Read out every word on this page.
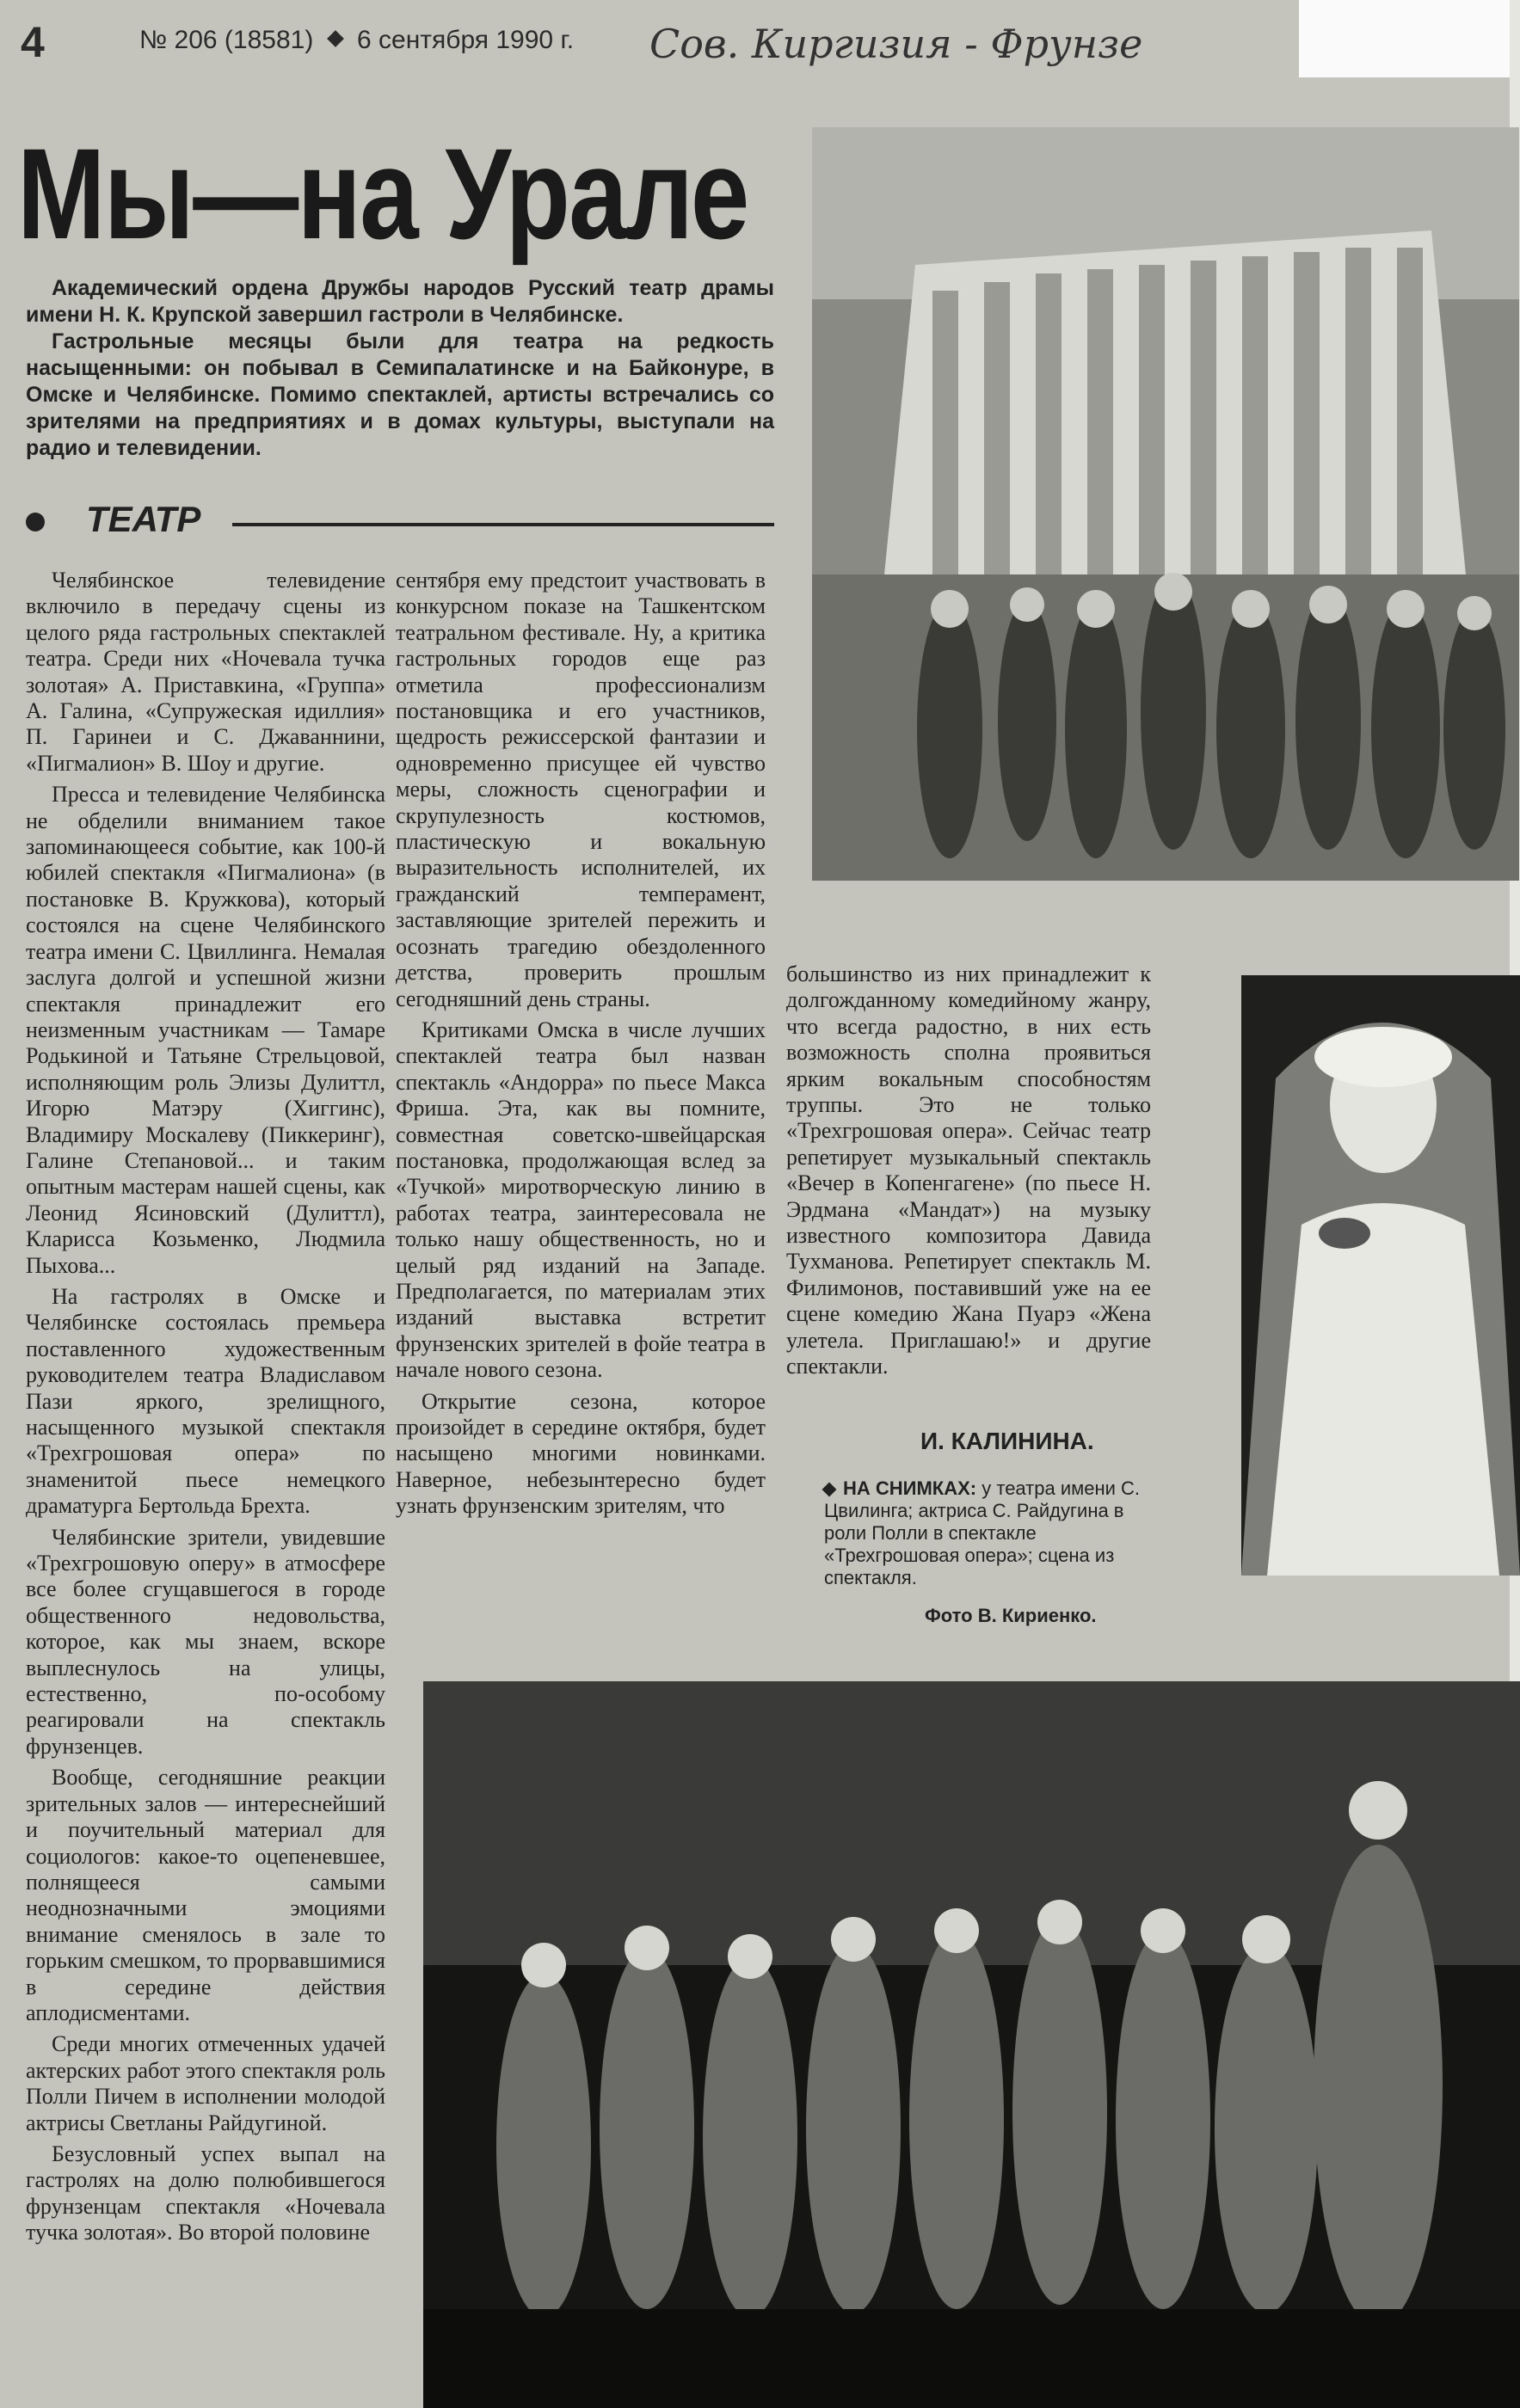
4	№ 206 (18581) 6 сентября 1990 г. Сов. Киргизия - Фрунзе
Мы—на Урале

Академический ордена Дружбы народов Русский театр драмы имени Н. К. Крупской завершил гастроли в Челябинске.

Гастрольные месяцы были для театра на редкость насыщенными: он побывал в Семипалатинске и на Байконуре, в Омске и Челябинске. Помимо спектаклей, артисты встречались со зрителями на предприятиях и в домах культуры, выступали на радио и телевидении.

ТЕАТР

Челябинское телевидение включило в передачу сцены из целого ряда гастрольных спектаклей театра. Среди них «Ночевала тучка золотая» А. Приставкина, «Группа» А. Галина, «Супружеская идиллия» П. Гаринеи и С. Джаваннини, «Пигмалион» В. Шоу и другие.

Пресса и телевидение Челябинска не обделили вниманием такое запоминающееся событие, как 100-й юбилей спектакля «Пигмалиона» (в постановке В. Кружкова), который состоялся на сцене Челябинского театра имени С. Цвиллинга. Немалая заслуга долгой и успешной жизни спектакля принадлежит его неизменным участникам — Тамаре Родькиной и Татьяне Стрельцовой, исполняющим роль Элизы Дулиттл, Игорю Матэру (Хиггинс), Владимиру Москалеву (Пиккеринг), Галине Степановой... и таким опытным мастерам нашей сцены, как Леонид Ясиновский (Дулиттл), Кларисса Козьменко, Людмила Пыхова...

На гастролях в Омске и Челябинске состоялась премьера поставленного художественным руководителем театра Владиславом Пази яркого, зрелищного, насыщенного музыкой спектакля «Трехгрошовая опера» по знаменитой пьесе немецкого драматурга Бертольда Брехта.

Челябинские зрители, увидевшие «Трехгрошовую оперу» в атмосфере все более сгущавшегося в городе общественного недовольства, которое, как мы знаем, вскоре выплеснулось на улицы, естественно, по-особому реагировали на спектакль фрунзенцев.

Вообще, сегодняшние реакции зрительных залов — интереснейший и поучительный материал для социологов: какое-то оцепеневшее, полнящееся самыми неоднозначными эмоциями внимание сменялось в зале то горьким смешком, то прорвавшимися в середине действия аплодисментами.

Среди многих отмеченных удачей актерских работ этого спектакля роль Полли Пичем в исполнении молодой актрисы Светланы Райдугиной.

Безусловный успех выпал на гастролях на долю полюбившегося фрунзенцам спектакля «Ночевала тучка золотая». Во второй половине

сентября ему предстоит участвовать в конкурсном показе на Ташкентском театральном фестивале. Ну, а критика гастрольных городов еще раз отметила профессионализм постановщика и его участников, щедрость режиссерской фантазии и одновременно присущее ей чувство меры, сложность сценографии и скрупулезность костюмов, пластическую и вокальную выразительность исполнителей, их гражданский темперамент, заставляющие зрителей пережить и осознать трагедию обездоленного детства, проверить прошлым сегодняшний день страны.

Критиками Омска в числе лучших спектаклей театра был назван спектакль «Андорра» по пьесе Макса Фриша. Эта, как вы помните, совместная советско-швейцарская постановка, продолжающая вслед за «Тучкой» миротворческую линию в работах театра, заинтересовала не только нашу общественность, но и целый ряд изданий на Западе. Предполагается, по материалам этих изданий выставка встретит фрунзенских зрителей в фойе театра в начале нового сезона.

Открытие сезона, которое произойдет в середине октября, будет насыщено многими новинками. Наверное, небезынтересно будет узнать фрунзенским зрителям, что

большинство из них принадлежит к долгожданному комедийному жанру, что всегда радостно, в них есть возможность сполна проявиться ярким вокальным способностям труппы. Это не только «Трехгрошовая опера». Сейчас театр репетирует музыкальный спектакль «Вечер в Копенгагене» (по пьесе Н. Эрдмана «Мандат») на музыку известного композитора Давида Тухманова. Репетирует спектакль М. Филимонов, поставивший уже на ее сцене комедию Жана Пуарэ «Жена улетела. Приглашаю!» и другие спектакли.

И. КАЛИНИНА.
НА СНИМКАХ: у театра имени С. Цвилинга; актриса С. Райдугина в роли Полли в спектакле «Трехгрошовая опера»; сцена из спектакля.
Фото В. Кириенко.
